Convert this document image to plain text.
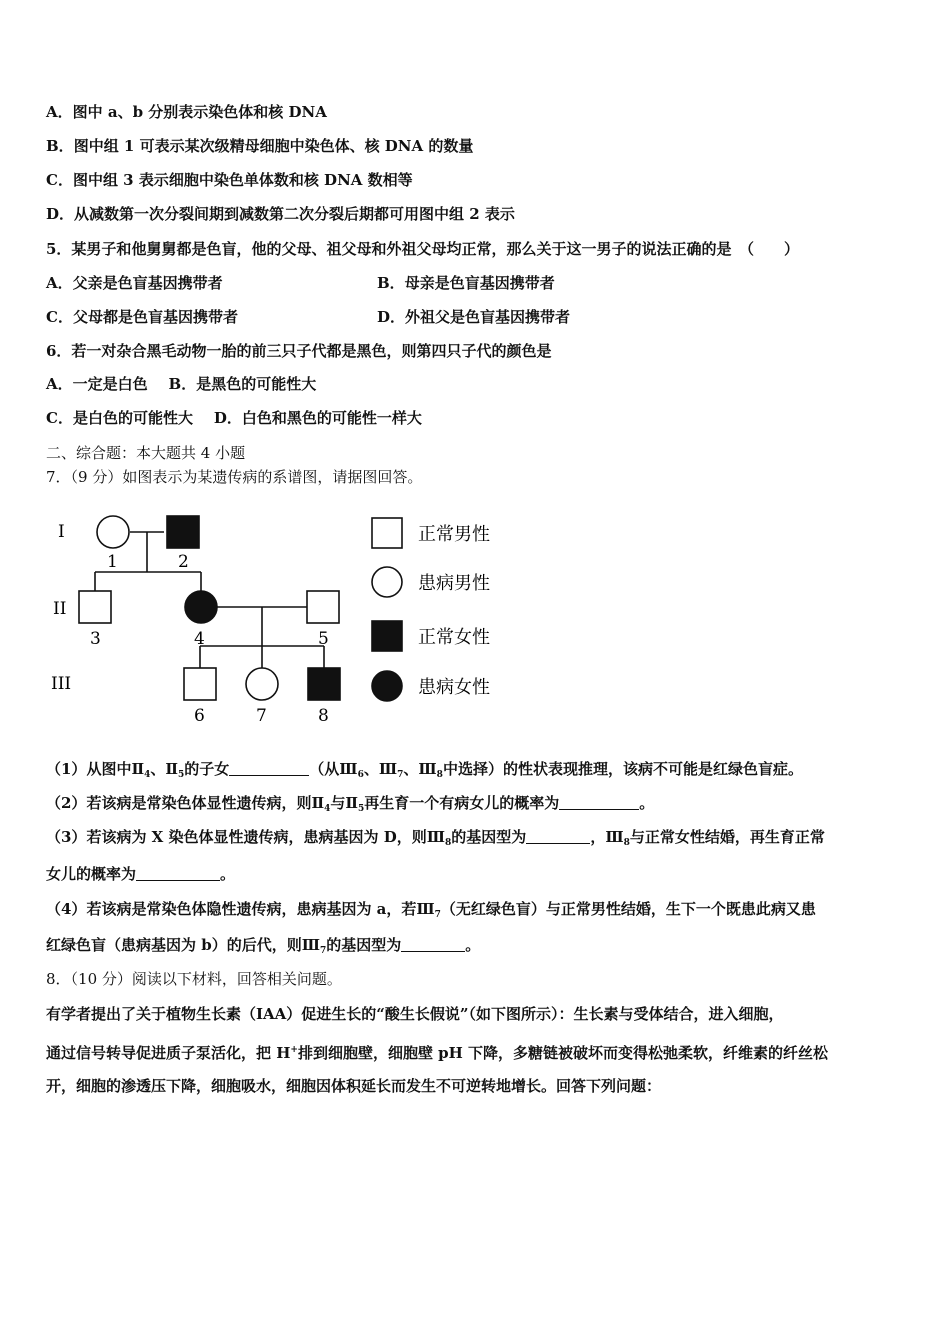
A．图中 a、b 分别表示染色体和核 DNA
B．图中组 1 可表示某次级精母细胞中染色体、核 DNA 的数量
C．图中组 3 表示细胞中染色单体数和核 DNA 数相等
D．从减数第一次分裂间期到减数第二次分裂后期都可用图中组 2 表示
5．某男子和他舅舅都是色盲，他的父母、祖父母和外祖父母均正常，那么关于这一男子的说法正确的是　（　　）
A．父亲是色盲基因携带者	B．母亲是色盲基因携带者
C．父母都是色盲基因携带者	D．外祖父是色盲基因携带者
6．若一对杂合黑毛动物一胎的前三只子代都是黑色，则第四只子代的颜色是
A．一定是白色 B．是黑色的可能性大
C．是白色的可能性大 D．白色和黑色的可能性一样大
二、综合题：本大题共 4 小题
7．（9 分）如图表示为某遗传病的系谱图，请据图回答。
I
II
III
1	2
3	4	5
6	7	8
正常男性
患病男性
正常女性
患病女性
（1）从图中$Ⅱ_4$、$Ⅱ_5$的子女	（从$Ⅲ_6$、$Ⅲ_7$、$Ⅲ_8$中选择）的性状表现推理，该病不可能是红绿色盲症。
（2）若该病是常染色体显性遗传病，则$Ⅱ_4$与$Ⅱ_5$再生育一个有病女儿的概率为	。
（3）若该病为 X 染色体显性遗传病，患病基因为 D，则$Ⅲ_8$的基因型为	，$Ⅲ_8$与正常女性结婚，再生育正常
女儿的概率为	。
（4）若该病是常染色体隐性遗传病，患病基因为 a，若$Ⅲ_7$（无红绿色盲）与正常男性结婚，生下一个既患此病又患
红绿色盲（患病基因为 b）的后代，则$Ⅲ_7$的基因型为	。
8．（10 分）阅读以下材料，回答相关问题。
有学者提出了关于植物生长素（IAA）促进生长的“酸生长假说”（如下图所示）：生长素与受体结合，进入细胞，
通过信号转导促进质子泵活化，把 H+排到细胞壁，细胞壁 pH 下降，多糖链被破坏而变得松弛柔软，纤维素的纤丝松
开，细胞的渗透压下降，细胞吸水，细胞因体积延长而发生不可逆转地增长。回答下列问题：
